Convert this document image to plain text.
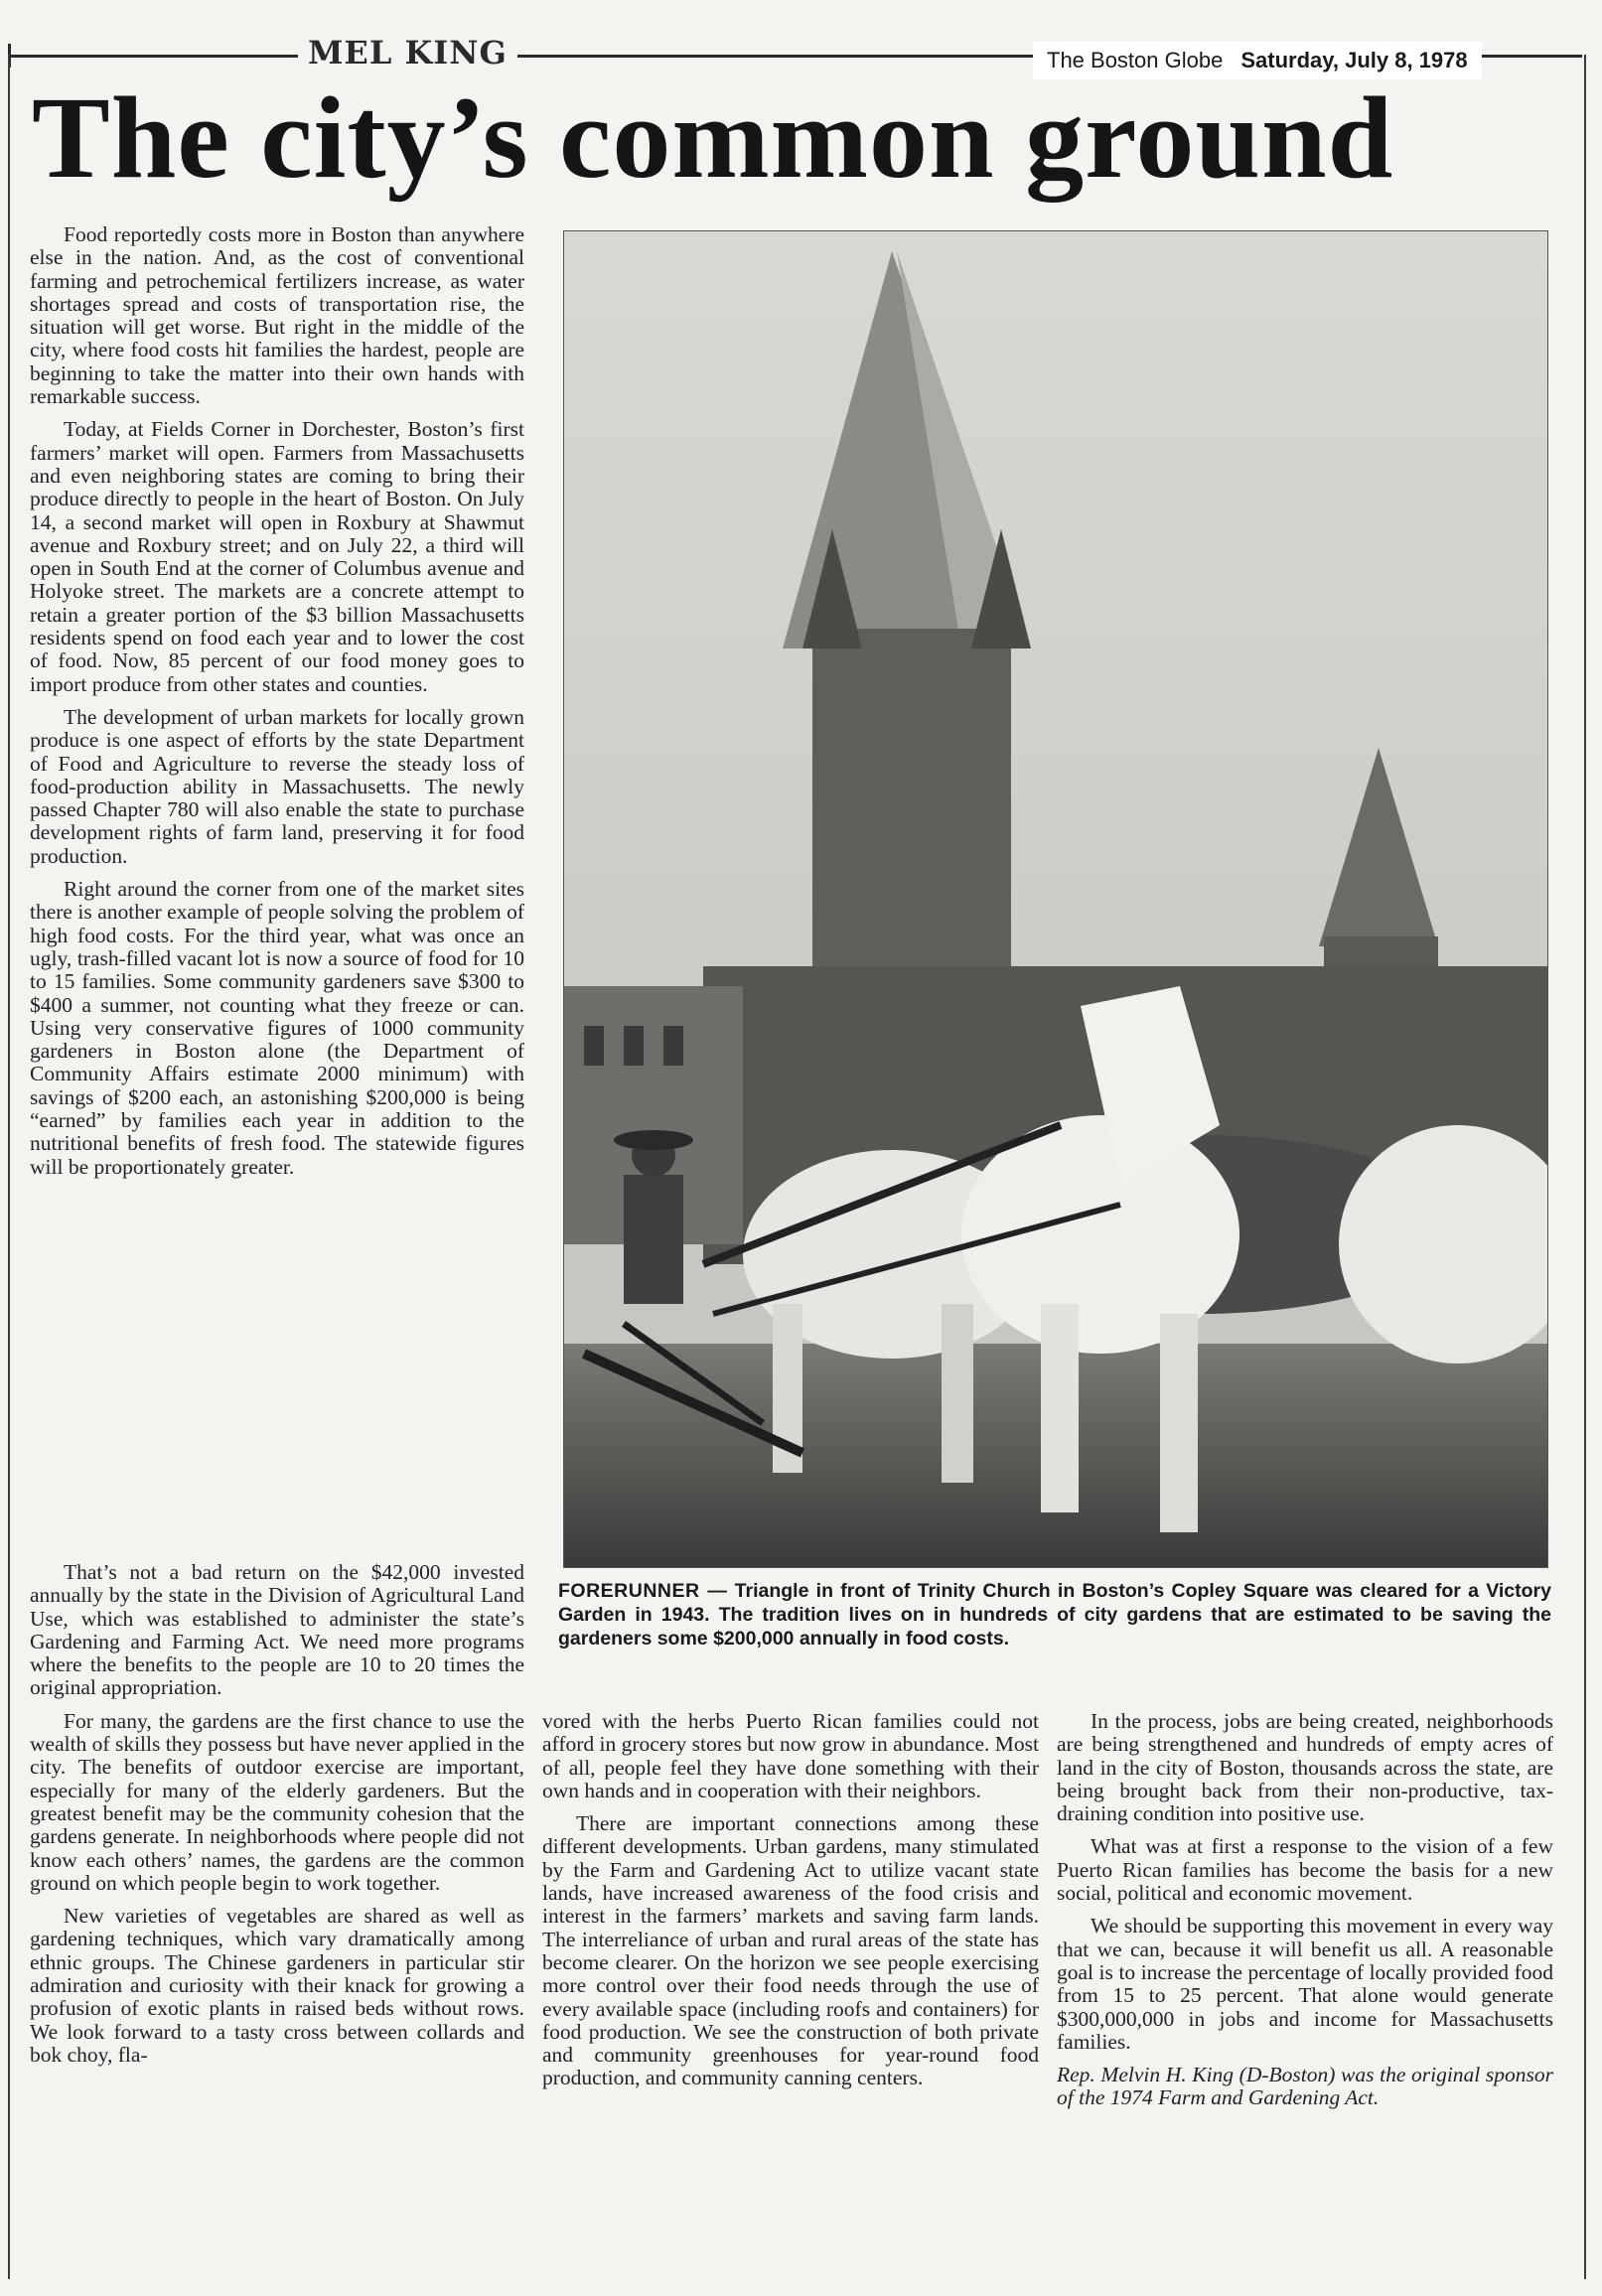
MEL KING	The Boston Globe Saturday, July 8, 1978
The city’s common ground

Food reportedly costs more in Boston than anywhere else in the nation. And, as the cost of conventional farming and petrochemical fertilizers increase, as water shortages spread and costs of transportation rise, the situation will get worse. But right in the middle of the city, where food costs hit families the hardest, people are beginning to take the matter into their own hands with remarkable success.

Today, at Fields Corner in Dorchester, Boston’s first farmers’ market will open. Farmers from Massachusetts and even neighboring states are coming to bring their produce directly to people in the heart of Boston. On July 14, a second market will open in Roxbury at Shawmut avenue and Roxbury street; and on July 22, a third will open in South End at the corner of Columbus avenue and Holyoke street. The markets are a concrete attempt to retain a greater portion of the $3 billion Massachusetts residents spend on food each year and to lower the cost of food. Now, 85 percent of our food money goes to import produce from other states and counties.

The development of urban markets for locally grown produce is one aspect of efforts by the state Department of Food and Agriculture to reverse the steady loss of food-production ability in Massachusetts. The newly passed Chapter 780 will also enable the state to purchase development rights of farm land, preserving it for food production.

Right around the corner from one of the market sites there is another example of people solving the problem of high food costs. For the third year, what was once an ugly, trash-filled vacant lot is now a source of food for 10 to 15 families. Some community gardeners save $300 to $400 a summer, not counting what they freeze or can. Using very conservative figures of 1000 community gardeners in Boston alone (the Department of Community Affairs estimate 2000 minimum) with savings of $200 each, an astonishing $200,000 is being “earned” by families each year in addition to the nutritional benefits of fresh food. The statewide figures will be proportionately greater.

That’s not a bad return on the $42,000 invested annually by the state in the Division of Agricultural Land Use, which was established to administer the state’s Gardening and Farming Act. We need more programs where the benefits to the people are 10 to 20 times the original appropriation.

For many, the gardens are the first chance to use the wealth of skills they possess but have never applied in the city. The benefits of outdoor exercise are important, especially for many of the elderly gardeners. But the greatest benefit may be the community cohesion that the gardens generate. In neighborhoods where people did not know each others’ names, the gardens are the common ground on which people begin to work together.

New varieties of vegetables are shared as well as gardening techniques, which vary dramatically among ethnic groups. The Chinese gardeners in particular stir admiration and curiosity with their knack for growing a profusion of exotic plants in raised beds without rows. We look forward to a tasty cross between collards and bok choy, fla-

FORERUNNER — Triangle in front of Trinity Church in Boston’s Copley Square was cleared for a Victory Garden in 1943. The tradition lives on in hundreds of city gardens that are estimated to be saving the gardeners some $200,000 annually in food costs.

vored with the herbs Puerto Rican families could not afford in grocery stores but now grow in abundance. Most of all, people feel they have done something with their own hands and in cooperation with their neighbors.

There are important connections among these different developments. Urban gardens, many stimulated by the Farm and Gardening Act to utilize vacant state lands, have increased awareness of the food crisis and interest in the farmers’ markets and saving farm lands. The interreliance of urban and rural areas of the state has become clearer. On the horizon we see people exercising more control over their food needs through the use of every available space (including roofs and containers) for food production. We see the construction of both private and community greenhouses for year-round food production, and community canning centers.

In the process, jobs are being created, neighborhoods are being strengthened and hundreds of empty acres of land in the city of Boston, thousands across the state, are being brought back from their non-productive, tax-draining condition into positive use.

What was at first a response to the vision of a few Puerto Rican families has become the basis for a new social, political and economic movement.

We should be supporting this movement in every way that we can, because it will benefit us all. A reasonable goal is to increase the percentage of locally provided food from 15 to 25 percent. That alone would generate $300,000,000 in jobs and income for Massachusetts families.

Rep. Melvin H. King (D-Boston) was the original sponsor of the 1974 Farm and Gardening Act.
